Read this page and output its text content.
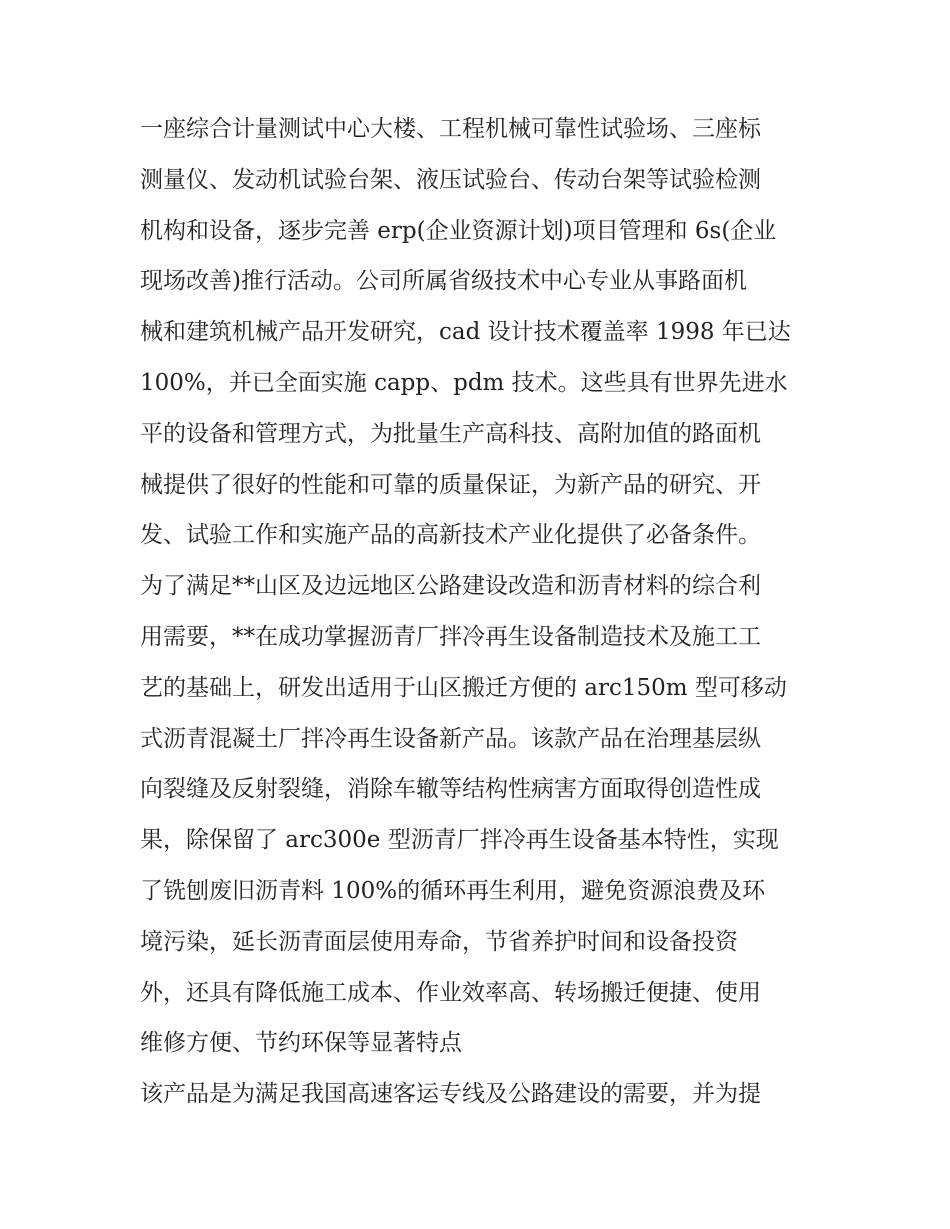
一座综合计量测试中心大楼、工程机械可靠性试验场、三座标
测量仪、发动机试验台架、液压试验台、传动台架等试验检测
机构和设备，逐步完善 erp(企业资源计划)项目管理和 6s(企业
现场改善)推行活动。公司所属省级技术中心专业从事路面机
械和建筑机械产品开发研究，cad 设计技术覆盖率 1998 年已达
100%，并已全面实施 capp、pdm 技术。这些具有世界先进水
平的设备和管理方式，为批量生产高科技、高附加值的路面机
械提供了很好的性能和可靠的质量保证，为新产品的研究、开
发、试验工作和实施产品的高新技术产业化提供了必备条件。
为了满足**山区及边远地区公路建设改造和沥青材料的综合利
用需要，**在成功掌握沥青厂拌冷再生设备制造技术及施工工
艺的基础上，研发出适用于山区搬迁方便的 arc150m 型可移动
式沥青混凝土厂拌冷再生设备新产品。该款产品在治理基层纵
向裂缝及反射裂缝，消除车辙等结构性病害方面取得创造性成
果，除保留了 arc300e 型沥青厂拌冷再生设备基本特性，实现
了铣刨废旧沥青料 100%的循环再生利用，避免资源浪费及环
境污染，延长沥青面层使用寿命，节省养护时间和设备投资
外，还具有降低施工成本、作业效率高、转场搬迁便捷、使用
维修方便、节约环保等显著特点
该产品是为满足我国高速客运专线及公路建设的需要，并为提
